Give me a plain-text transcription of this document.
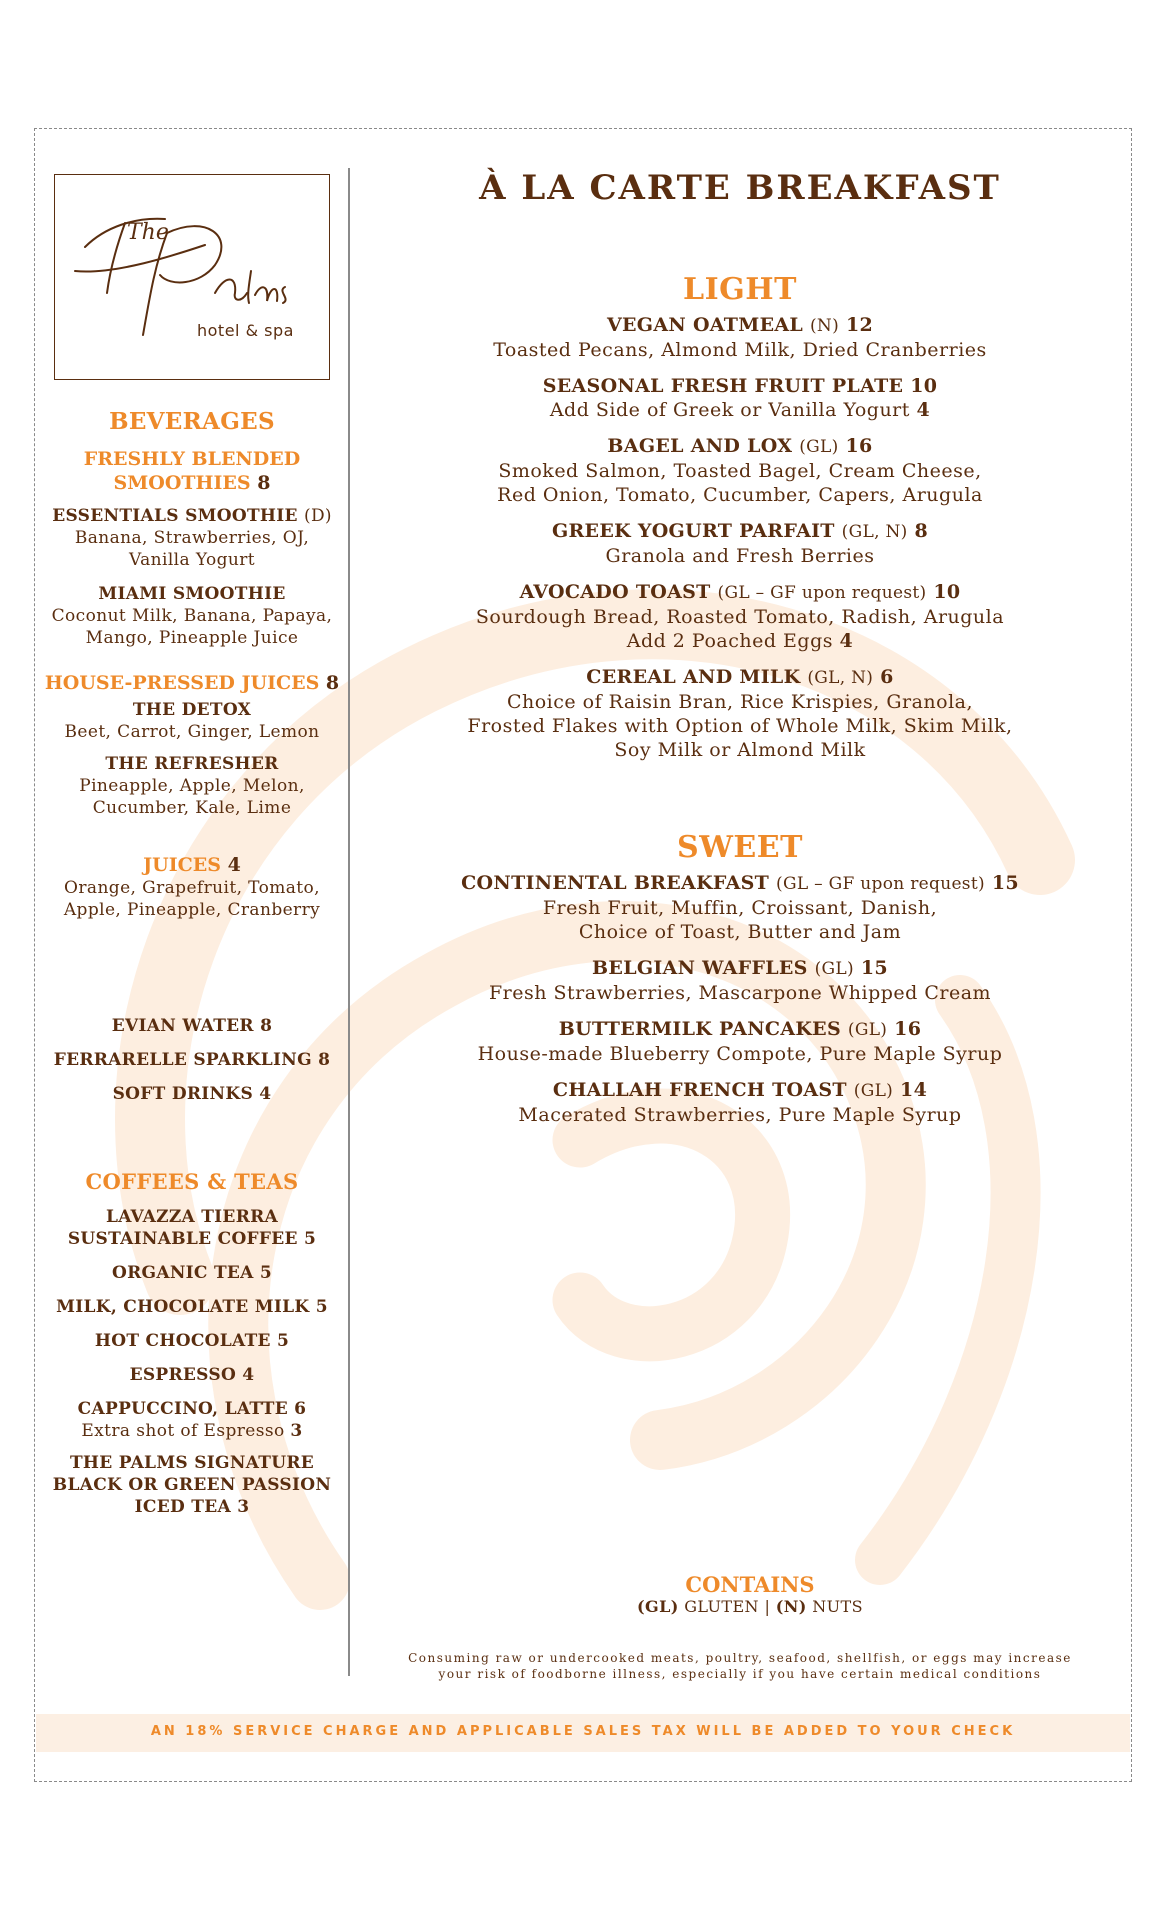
The
hotel & spa
BEVERAGES
FRESHLY BLENDED SMOOTHIES 8
ESSENTIALS SMOOTHIE (D)
Banana, Strawberries, OJ,
Vanilla Yogurt
MIAMI SMOOTHIE
Coconut Milk, Banana, Papaya,
Mango, Pineapple Juice
HOUSE-PRESSED JUICES 8
THE DETOX
Beet, Carrot, Ginger, Lemon
THE REFRESHER
Pineapple, Apple, Melon,
Cucumber, Kale, Lime
JUICES 4
Orange, Grapefruit, Tomato,
Apple, Pineapple, Cranberry
EVIAN WATER 8
FERRARELLE SPARKLING 8
SOFT DRINKS 4
COFFEES & TEAS
LAVAZZA TIERRA
SUSTAINABLE COFFEE 5
ORGANIC TEA 5
MILK, CHOCOLATE MILK 5
HOT CHOCOLATE 5
ESPRESSO 4
CAPPUCCINO, LATTE 6
Extra shot of Espresso 3
THE PALMS SIGNATURE
BLACK OR GREEN PASSION
ICED TEA 3
À LA CARTE BREAKFAST
LIGHT
VEGAN OATMEAL (N) 12
Toasted Pecans, Almond Milk, Dried Cranberries
SEASONAL FRESH FRUIT PLATE 10
Add Side of Greek or Vanilla Yogurt 4
BAGEL AND LOX (GL) 16
Smoked Salmon, Toasted Bagel, Cream Cheese,
Red Onion, Tomato, Cucumber, Capers, Arugula
GREEK YOGURT PARFAIT (GL, N) 8
Granola and Fresh Berries
AVOCADO TOAST (GL – GF upon request) 10
Sourdough Bread, Roasted Tomato, Radish, Arugula
Add 2 Poached Eggs 4
CEREAL AND MILK (GL, N) 6
Choice of Raisin Bran, Rice Krispies, Granola,
Frosted Flakes with Option of Whole Milk, Skim Milk,
Soy Milk or Almond Milk
SWEET
CONTINENTAL BREAKFAST (GL – GF upon request) 15
Fresh Fruit, Muffin, Croissant, Danish,
Choice of Toast, Butter and Jam
BELGIAN WAFFLES (GL) 15
Fresh Strawberries, Mascarpone Whipped Cream
BUTTERMILK PANCAKES (GL) 16
House-made Blueberry Compote, Pure Maple Syrup
CHALLAH FRENCH TOAST (GL) 14
Macerated Strawberries, Pure Maple Syrup
CONTAINS
(GL) GLUTEN | (N) NUTS
Consuming raw or undercooked meats, poultry, seafood, shellfish, or eggs may increase
your risk of foodborne illness, especially if you have certain medical conditions
AN 18% SERVICE CHARGE AND APPLICABLE SALES TAX WILL BE ADDED TO YOUR CHECK
